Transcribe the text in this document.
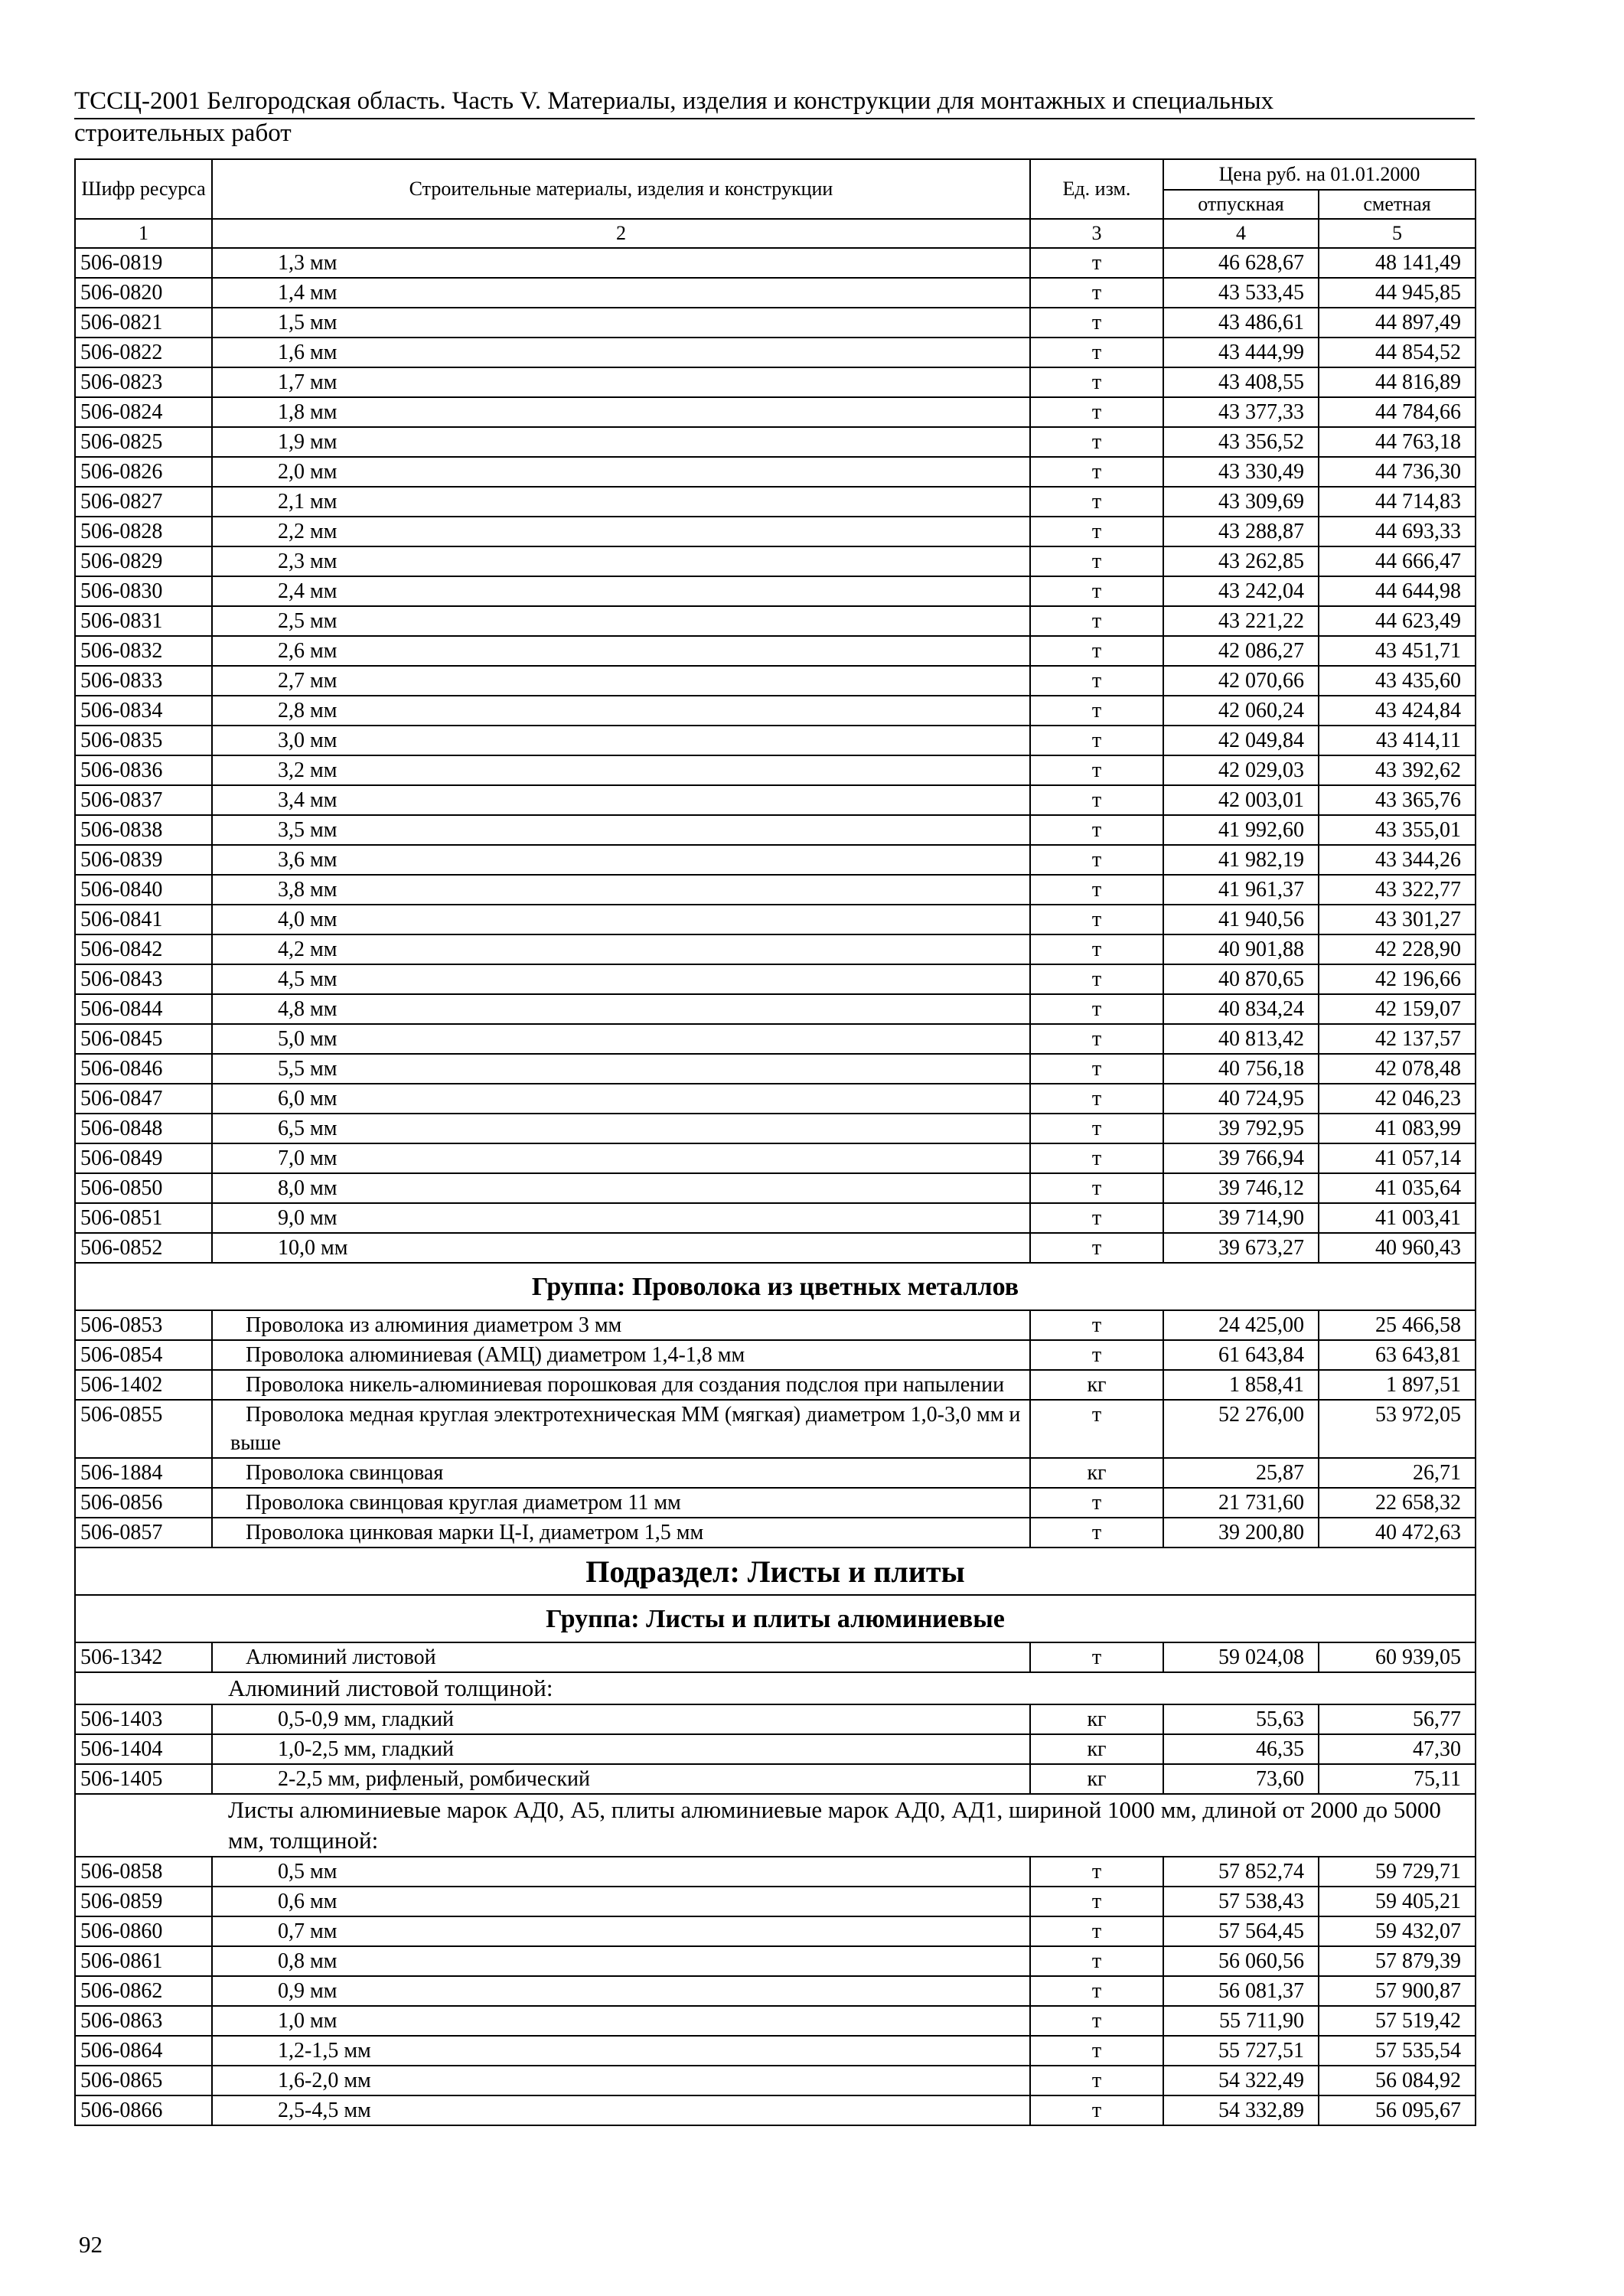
ТССЦ-2001 Белгородская область. Часть V. Материалы, изделия и конструкции для монтажных и специальных
строительных работ
Шифр ресурса	Строительные материалы, изделия и конструкции	Ед. изм.	Цена руб. на 01.01.2000	
			отпускная	сметная
1	2	3	4	5
506-0819	1,3 мм	т	46 628,67	48 141,49
506-0820	1,4 мм	т	43 533,45	44 945,85
506-0821	1,5 мм	т	43 486,61	44 897,49
506-0822	1,6 мм	т	43 444,99	44 854,52
506-0823	1,7 мм	т	43 408,55	44 816,89
506-0824	1,8 мм	т	43 377,33	44 784,66
506-0825	1,9 мм	т	43 356,52	44 763,18
506-0826	2,0 мм	т	43 330,49	44 736,30
506-0827	2,1 мм	т	43 309,69	44 714,83
506-0828	2,2 мм	т	43 288,87	44 693,33
506-0829	2,3 мм	т	43 262,85	44 666,47
506-0830	2,4 мм	т	43 242,04	44 644,98
506-0831	2,5 мм	т	43 221,22	44 623,49
506-0832	2,6 мм	т	42 086,27	43 451,71
506-0833	2,7 мм	т	42 070,66	43 435,60
506-0834	2,8 мм	т	42 060,24	43 424,84
506-0835	3,0 мм	т	42 049,84	43 414,11
506-0836	3,2 мм	т	42 029,03	43 392,62
506-0837	3,4 мм	т	42 003,01	43 365,76
506-0838	3,5 мм	т	41 992,60	43 355,01
506-0839	3,6 мм	т	41 982,19	43 344,26
506-0840	3,8 мм	т	41 961,37	43 322,77
506-0841	4,0 мм	т	41 940,56	43 301,27
506-0842	4,2 мм	т	40 901,88	42 228,90
506-0843	4,5 мм	т	40 870,65	42 196,66
506-0844	4,8 мм	т	40 834,24	42 159,07
506-0845	5,0 мм	т	40 813,42	42 137,57
506-0846	5,5 мм	т	40 756,18	42 078,48
506-0847	6,0 мм	т	40 724,95	42 046,23
506-0848	6,5 мм	т	39 792,95	41 083,99
506-0849	7,0 мм	т	39 766,94	41 057,14
506-0850	8,0 мм	т	39 746,12	41 035,64
506-0851	9,0 мм	т	39 714,90	41 003,41
506-0852	10,0 мм	т	39 673,27	40 960,43
Группа: Проволока из цветных металлов				
506-0853	Проволока из алюминия диаметром 3 мм	т	24 425,00	25 466,58
506-0854	Проволока алюминиевая (АМЦ) диаметром 1,4-1,8 мм	т	61 643,84	63 643,81
506-1402	Проволока никель-алюминиевая порошковая для создания подслоя при напылении	кг	1 858,41	1 897,51
506-0855	Проволока медная круглая электротехническая ММ (мягкая) диаметром 1,0-3,0 мм и выше	т	52 276,00	53 972,05
506-1884	Проволока свинцовая	кг	25,87	26,71
506-0856	Проволока свинцовая круглая диаметром 11 мм	т	21 731,60	22 658,32
506-0857	Проволока цинковая марки Ц-I, диаметром 1,5 мм	т	39 200,80	40 472,63
Подраздел: Листы и плиты				
Группа: Листы и плиты алюминиевые				
506-1342	Алюминий листовой	т	59 024,08	60 939,05
Алюминий листовой толщиной:				
506-1403	0,5-0,9 мм, гладкий	кг	55,63	56,77
506-1404	1,0-2,5 мм, гладкий	кг	46,35	47,30
506-1405	2-2,5 мм, рифленый, ромбический	кг	73,60	75,11
Листы алюминиевые марок АД0, А5, плиты алюминиевые марок АД0, АД1, шириной 1000 мм, длиной от 2000 до 5000 мм, толщиной:				
506-0858	0,5 мм	т	57 852,74	59 729,71
506-0859	0,6 мм	т	57 538,43	59 405,21
506-0860	0,7 мм	т	57 564,45	59 432,07
506-0861	0,8 мм	т	56 060,56	57 879,39
506-0862	0,9 мм	т	56 081,37	57 900,87
506-0863	1,0 мм	т	55 711,90	57 519,42
506-0864	1,2-1,5 мм	т	55 727,51	57 535,54
506-0865	1,6-2,0 мм	т	54 322,49	56 084,92
506-0866	2,5-4,5 мм	т	54 332,89	56 095,67
92
